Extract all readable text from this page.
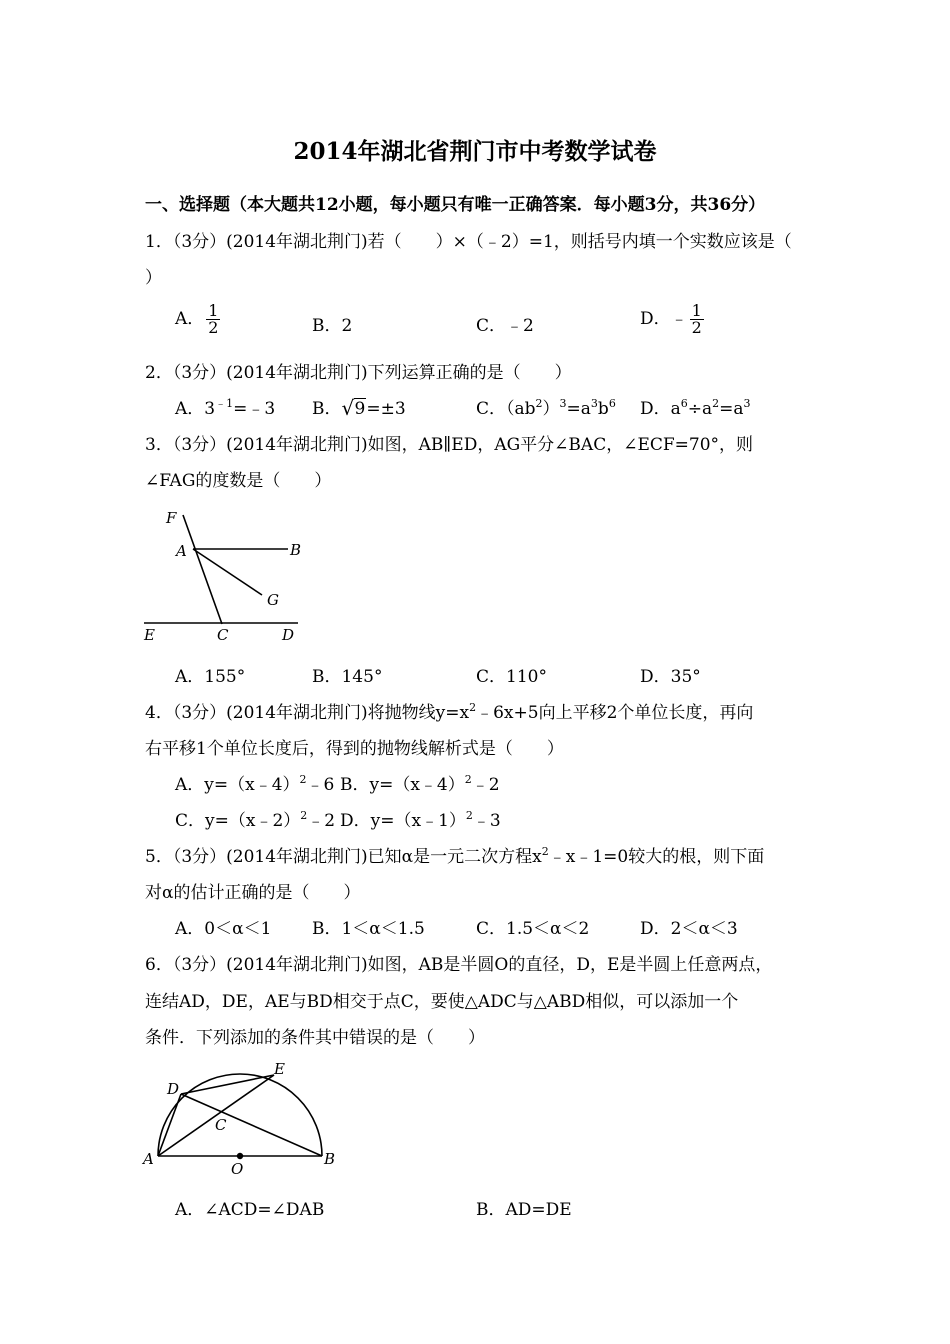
2014年湖北省荆门市中考数学试卷
一、选择题（本大题共12小题，每小题只有唯一正确答案．每小题3分，共36分）
1．（3分）(2014年湖北荆门)若（　　）×（﹣2）=1，则括号内填一个实数应该是（
）
A． $\frac{1}{2}$	B．2	C．﹣2	D．﹣ $\frac{1}{2}$
2．（3分）(2014年湖北荆门)下列运算正确的是（　　）
A．$3^{﹣1}=﹣3$ B． √ 9=±3	C．$(ab^2)^3=a^3b^6$ D．$a^6\div a^2=a^3$
3．（3分）(2014年湖北荆门)如图，AB∥ED，AG平分∠BAC，∠ECF=70°，则
∠FAG的度数是（　　）
F
A	B
G
E	C	D
A．155°	B．145°	C．110°	D．35°
4．（3分）(2014年湖北荆门)将抛物线$y=x^2﹣6x+5$向上平移2个单位长度，再向
右平移1个单位长度后，得到的抛物线解析式是（　　）
A．y=（x﹣4）$^2$﹣6 B．y=（x﹣4）$^2$﹣2
C．y=（x﹣2）$^2$﹣2 D．y=（x﹣1）$^2$﹣3
5．（3分）(2014年湖北荆门)已知α是一元二次方程$x^2﹣x﹣1=0$较大的根，则下面
对α的估计正确的是（　　）
A．0＜α＜1 B．1＜α＜1.5	C．1.5＜α＜2	D．2＜α＜3
6．（3分）(2014年湖北荆门)如图，AB是半圆O的直径，D，E是半圆上任意两点，
连结AD，DE，AE与BD相交于点C，要使△ADC与△ABD相似，可以添加一个
条件．下列添加的条件其中错误的是（　　）
D
E
C
A
O
B
A．∠ACD=∠DAB	B．AD=DE
